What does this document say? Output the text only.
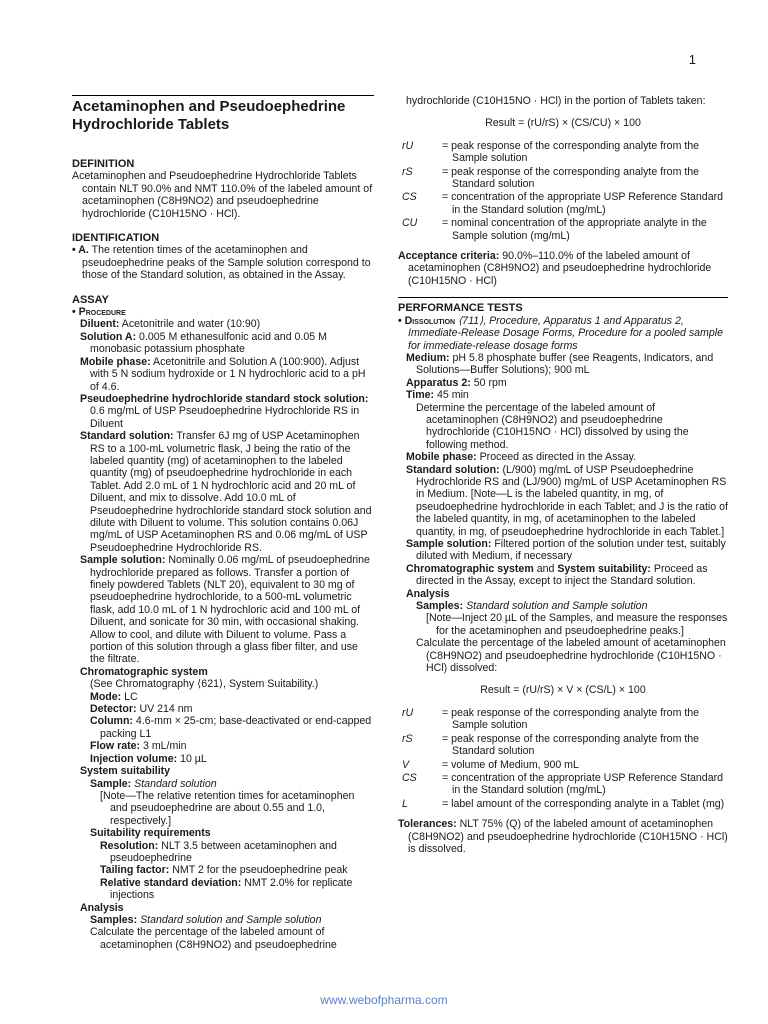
1
Acetaminophen and Pseudoephedrine Hydrochloride Tablets
DEFINITION
Acetaminophen and Pseudoephedrine Hydrochloride Tablets contain NLT 90.0% and NMT 110.0% of the labeled amount of acetaminophen (C8H9NO2) and pseudoephedrine hydrochloride (C10H15NO · HCl).
IDENTIFICATION
• A. The retention times of the acetaminophen and pseudoephedrine peaks of the Sample solution correspond to those of the Standard solution, as obtained in the Assay.
ASSAY
• Procedure
Diluent: Acetonitrile and water (10:90)
Solution A: 0.005 M ethanesulfonic acid and 0.05 M monobasic potassium phosphate
Mobile phase: Acetonitrile and Solution A (100:900). Adjust with 5 N sodium hydroxide or 1 N hydrochloric acid to a pH of 4.6.
Pseudoephedrine hydrochloride standard stock solution: 0.6 mg/mL of USP Pseudoephedrine Hydrochloride RS in Diluent
Standard solution: Transfer 6J mg of USP Acetaminophen RS to a 100-mL volumetric flask, J being the ratio of the labeled quantity (mg) of acetaminophen to the labeled quantity (mg) of pseudoephedrine hydrochloride in each Tablet. Add 2.0 mL of 1 N hydrochloric acid and 20 mL of Diluent, and mix to dissolve. Add 10.0 mL of Pseudoephedrine hydrochloride standard stock solution and dilute with Diluent to volume. This solution contains 0.06J mg/mL of USP Acetaminophen RS and 0.06 mg/mL of USP Pseudoephedrine Hydrochloride RS.
Sample solution: Nominally 0.06 mg/mL of pseudoephedrine hydrochloride prepared as follows. Transfer a portion of finely powdered Tablets (NLT 20), equivalent to 30 mg of pseudoephedrine hydrochloride, to a 500-mL volumetric flask, add 10.0 mL of 1 N hydrochloric acid and 100 mL of Diluent, and sonicate for 30 min, with occasional shaking. Allow to cool, and dilute with Diluent to volume. Pass a portion of this solution through a glass fiber filter, and use the filtrate.
Chromatographic system
(See Chromatography ⟨621⟩, System Suitability.)
Mode: LC
Detector: UV 214 nm
Column: 4.6-mm × 25-cm; base-deactivated or end-capped packing L1
Flow rate: 3 mL/min
Injection volume: 10 µL
System suitability
Sample: Standard solution
[Note—The relative retention times for acetaminophen and pseudoephedrine are about 0.55 and 1.0, respectively.]
Suitability requirements
Resolution: NLT 3.5 between acetaminophen and pseudoephedrine
Tailing factor: NMT 2 for the pseudoephedrine peak
Relative standard deviation: NMT 2.0% for replicate injections
Analysis
Samples: Standard solution and Sample solution
Calculate the percentage of the labeled amount of acetaminophen (C8H9NO2) and pseudoephedrine
hydrochloride (C10H15NO · HCl) in the portion of Tablets taken:
Result = (rU/rS) × (CS/CU) × 100
rU	= peak response of the corresponding analyte from the Sample solution
rS	= peak response of the corresponding analyte from the Standard solution
CS	= concentration of the appropriate USP Reference Standard in the Standard solution (mg/mL)
CU	= nominal concentration of the appropriate analyte in the Sample solution (mg/mL)
Acceptance criteria: 90.0%–110.0% of the labeled amount of acetaminophen (C8H9NO2) and pseudoephedrine hydrochloride (C10H15NO · HCl)
PERFORMANCE TESTS
• Dissolution ⟨711⟩, Procedure, Apparatus 1 and Apparatus 2, Immediate-Release Dosage Forms, Procedure for a pooled sample for immediate-release dosage forms
Medium: pH 5.8 phosphate buffer (see Reagents, Indicators, and Solutions—Buffer Solutions); 900 mL
Apparatus 2: 50 rpm
Time: 45 min
Determine the percentage of the labeled amount of acetaminophen (C8H9NO2) and pseudoephedrine hydrochloride (C10H15NO · HCl) dissolved by using the following method.
Mobile phase: Proceed as directed in the Assay.
Standard solution: (L/900) mg/mL of USP Pseudoephedrine Hydrochloride RS and (LJ/900) mg/mL of USP Acetaminophen RS in Medium. [Note—L is the labeled quantity, in mg, of pseudoephedrine hydrochloride in each Tablet; and J is the ratio of the labeled quantity, in mg, of acetaminophen to the labeled quantity, in mg, of pseudoephedrine hydrochloride in each Tablet.]
Sample solution: Filtered portion of the solution under test, suitably diluted with Medium, if necessary
Chromatographic system and System suitability: Proceed as directed in the Assay, except to inject the Standard solution.
Analysis
Samples: Standard solution and Sample solution
[Note—Inject 20 µL of the Samples, and measure the responses for the acetaminophen and pseudoephedrine peaks.]
Calculate the percentage of the labeled amount of acetaminophen (C8H9NO2) and pseudoephedrine hydrochloride (C10H15NO · HCl) dissolved:
Result = (rU/rS) × V × (CS/L) × 100
rU	= peak response of the corresponding analyte from the Sample solution
rS	= peak response of the corresponding analyte from the Standard solution
V	= volume of Medium, 900 mL
CS	= concentration of the appropriate USP Reference Standard in the Standard solution (mg/mL)
L	= label amount of the corresponding analyte in a Tablet (mg)
Tolerances: NLT 75% (Q) of the labeled amount of acetaminophen (C8H9NO2) and pseudoephedrine hydrochloride (C10H15NO · HCl) is dissolved.
www.webofpharma.com
